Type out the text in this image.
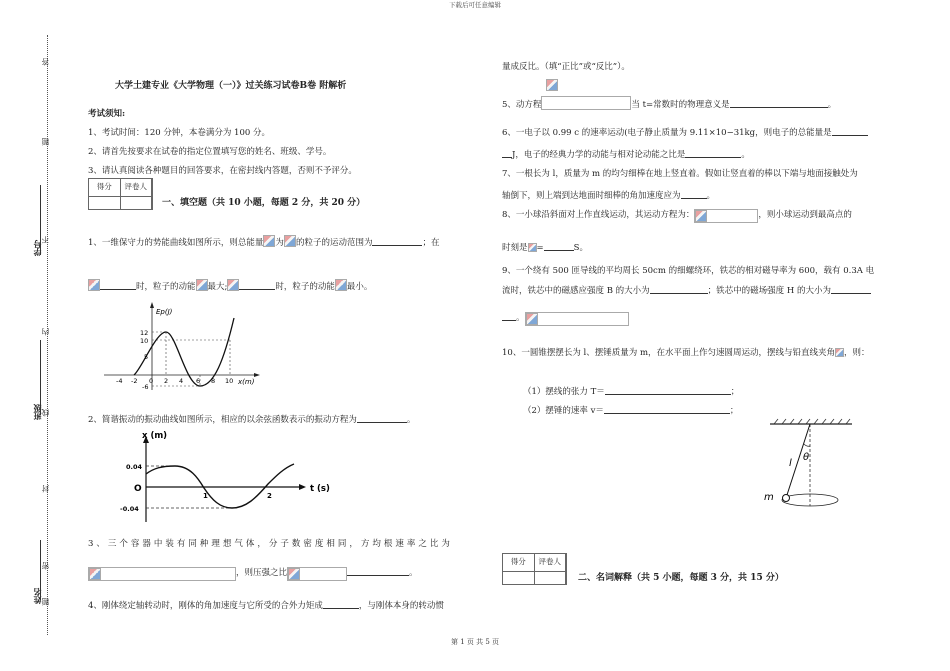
下载后可任意编辑
第 1 页 共 5 页
答
题
不
内
线
封
密
学号
班级
姓名 题
大学土建专业《大学物理（一）》过关练习试卷B卷 附解析
考试须知:
1、考试时间：120 分钟，本卷满分为 100 分。
2、请首先按要求在试卷的指定位置填写您的姓名、班级、学号。
3、请认真阅读各种题目的回答要求，在密封线内答题，否则不予评分。
得分	评卷人
一、填空题（共 10 小题，每题 2 分，共 20 分）
1、一维保守力的势能曲线如图所示，则总能量 为 的粒子的运动范围为	；在
时，粒子的动能 最大;	时，粒子的动能 最小。
Ep(J)
x(m)
12
10
5
-6
-4 -2 0 2 4 6 8 10
2、简谐振动的振动曲线如图所示，相应的以余弦函数表示的振动方程为	。
x (m)
t (s)
O
0.04
-0.04
1	2
3、三个容器中装有同种理想气体，分子数密度相同，方均根速率之比为
，则压强之比	。
4、刚体绕定轴转动时，刚体的角加速度与它所受的合外力矩成	，与刚体本身的转动惯
量成反比。（填“正比”或“反比”）。
5、动方程	当 t=常数时的物理意义是	。
6、一电子以 0.99 c 的速率运动(电子静止质量为 9.11×10−31kg，则电子的总能量是
J，电子的经典力学的动能与相对论动能之比是	。
7、一根长为 l，质量为 m 的均匀细棒在地上竖直着。假如让竖直着的棒以下端与地面接触处为
轴倒下，则上端到达地面时细棒的角加速度应为	。
8、一小球沿斜面对上作直线运动，其运动方程为：	，则小球运动到最高点的
时刻是 =	S。
9、一个绕有 500 匝导线的平均周长 50cm 的细螺绕环，铁芯的相对磁导率为 600，载有 0.3A 电
流时，铁芯中的磁感应强度 B 的大小为	；铁芯中的磁场强度 H 的大小为
。
10、一圆锥摆摆长为 l、摆锤质量为 m，在水平面上作匀速圆周运动，摆线与铅直线夹角 ，则：
（1）摆线的张力 T＝	；
（2）摆锤的速率 v＝	；
l
θ
m
得分	评卷人
二、名词解释（共 5 小题，每题 3 分，共 15 分）
